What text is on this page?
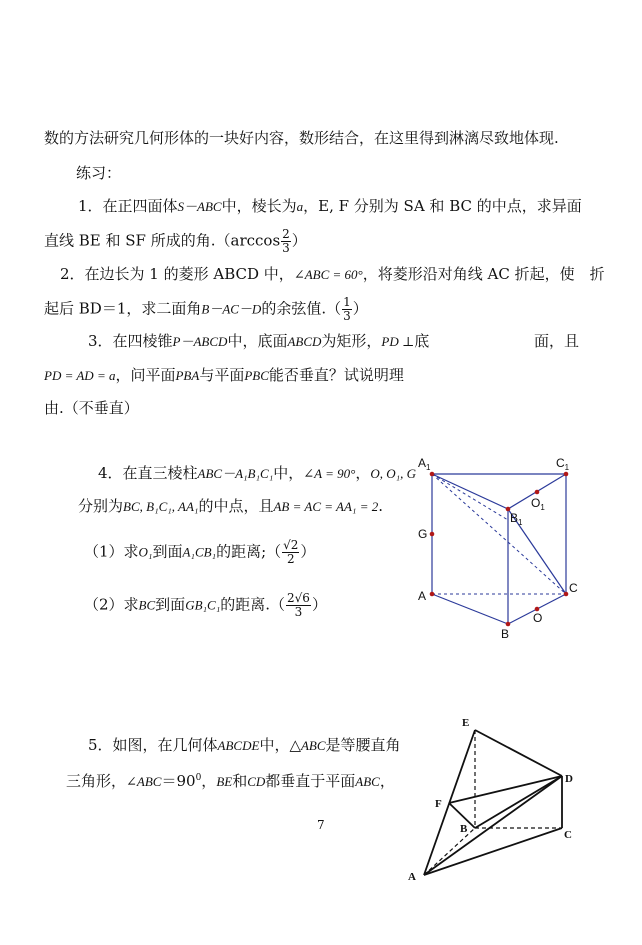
数的方法研究几何形体的一块好内容，数形结合，在这里得到淋漓尽致地体现.
练习：
1．在正四面体S－ABC中，棱长为a，E, F 分别为 SA 和 BC 的中点，求异面
直线 BE 和 SF 所成的角$.(\arccos \frac{2}{3}$ ）
2．在边长为 1 的菱形 ABCD 中，∠ABC = 60°，将菱形沿对角线 AC 折起，使　折
起后 BD＝1，求二面角B－AC－D的余弦值.（ $\frac{1}{3}$ ）
3．在四棱锥P－ABCD中，底面ABCD为矩形，PD ⊥底	面，且
PD = AD = a，问平面PBA与平面PBC能否垂直？试说明理
由.（不垂直）
4．在直三棱柱ABC－A₁B₁C₁中，∠A = 90°，O, O₁, G
分别为BC, B₁C₁, AA₁的中点，且AB = AC = AA₁ = 2.
（1）求O₁到面A₁CB₁的距离;（ $\frac{√2}{2}$ ）
（2）求BC到面GB₁C₁的距离.（ $\frac{2√6}{3}$ ）
$A_1$	$C_1$
$B_1$
$O_1$
G
A
B
C
O
5．如图，在几何体ABCDE中，△ABC是等腰直角
三角形，$\angle ABC=90^0$，BE和CD都垂直于平面ABC，
E
D
F
B	C
A
7
